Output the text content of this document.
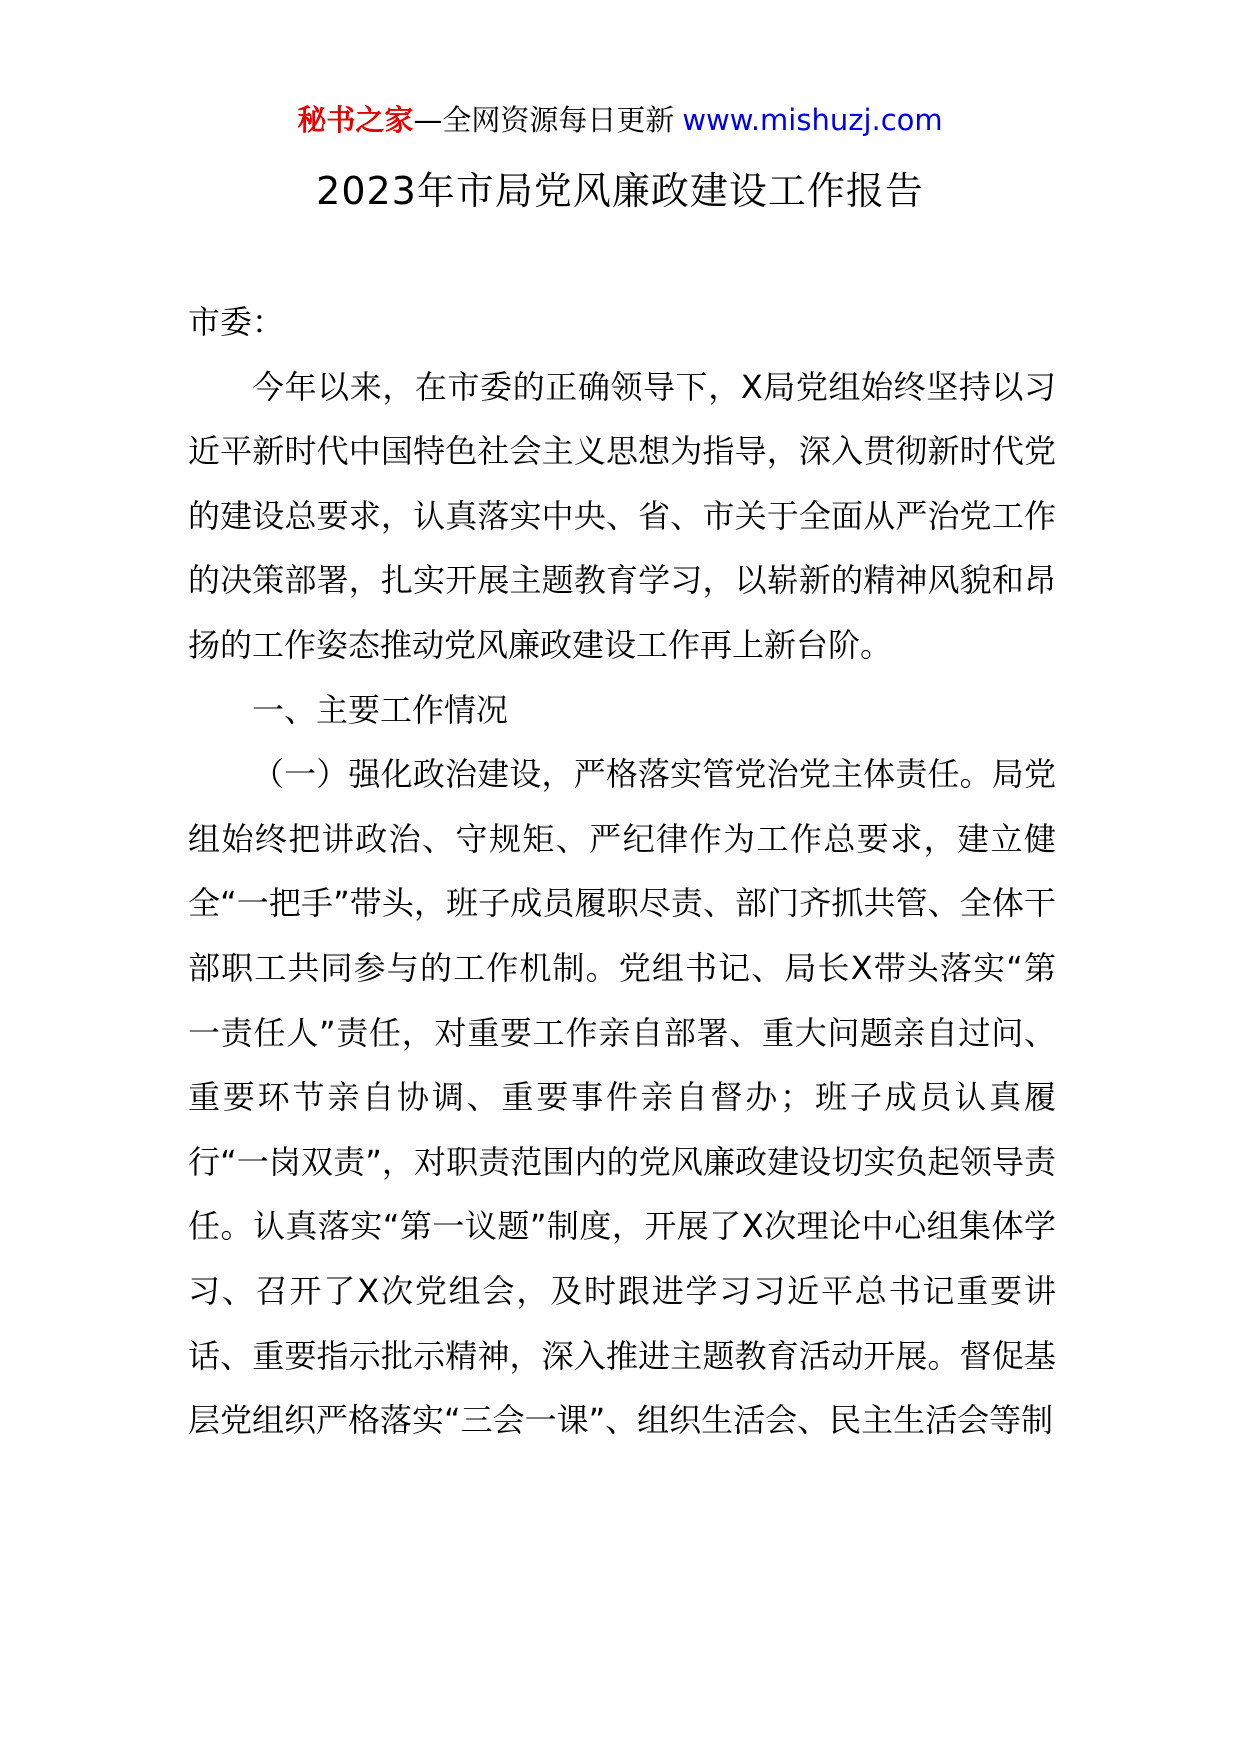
秘书之家—全网资源每日更新 www.mishuzj.com
2023年市局党风廉政建设工作报告

市委：

今年以来，在市委的正确领导下，X局党组始终坚持以习近平新时代中国特色社会主义思想为指导，深入贯彻新时代党的建设总要求，认真落实中央、省、市关于全面从严治党工作的决策部署，扎实开展主题教育学习，以崭新的精神风貌和昂扬的工作姿态推动党风廉政建设工作再上新台阶。

一、主要工作情况

（一）强化政治建设，严格落实管党治党主体责任。局党组始终把讲政治、守规矩、严纪律作为工作总要求，建立健全“一把手”带头，班子成员履职尽责、部门齐抓共管、全体干部职工共同参与的工作机制。党组书记、局长X带头落实“第一责任人”责任，对重要工作亲自部署、重大问题亲自过问、重要环节亲自协调、重要事件亲自督办；班子成员认真履行“一岗双责”，对职责范围内的党风廉政建设切实负起领导责任。认真落实“第一议题”制度，开展了X次理论中心组集体学习、召开了X次党组会，及时跟进学习习近平总书记重要讲话、重要指示批示精神，深入推进主题教育活动开展。督促基层党组织严格落实“三会一课”、组织生活会、民主生活会等制
